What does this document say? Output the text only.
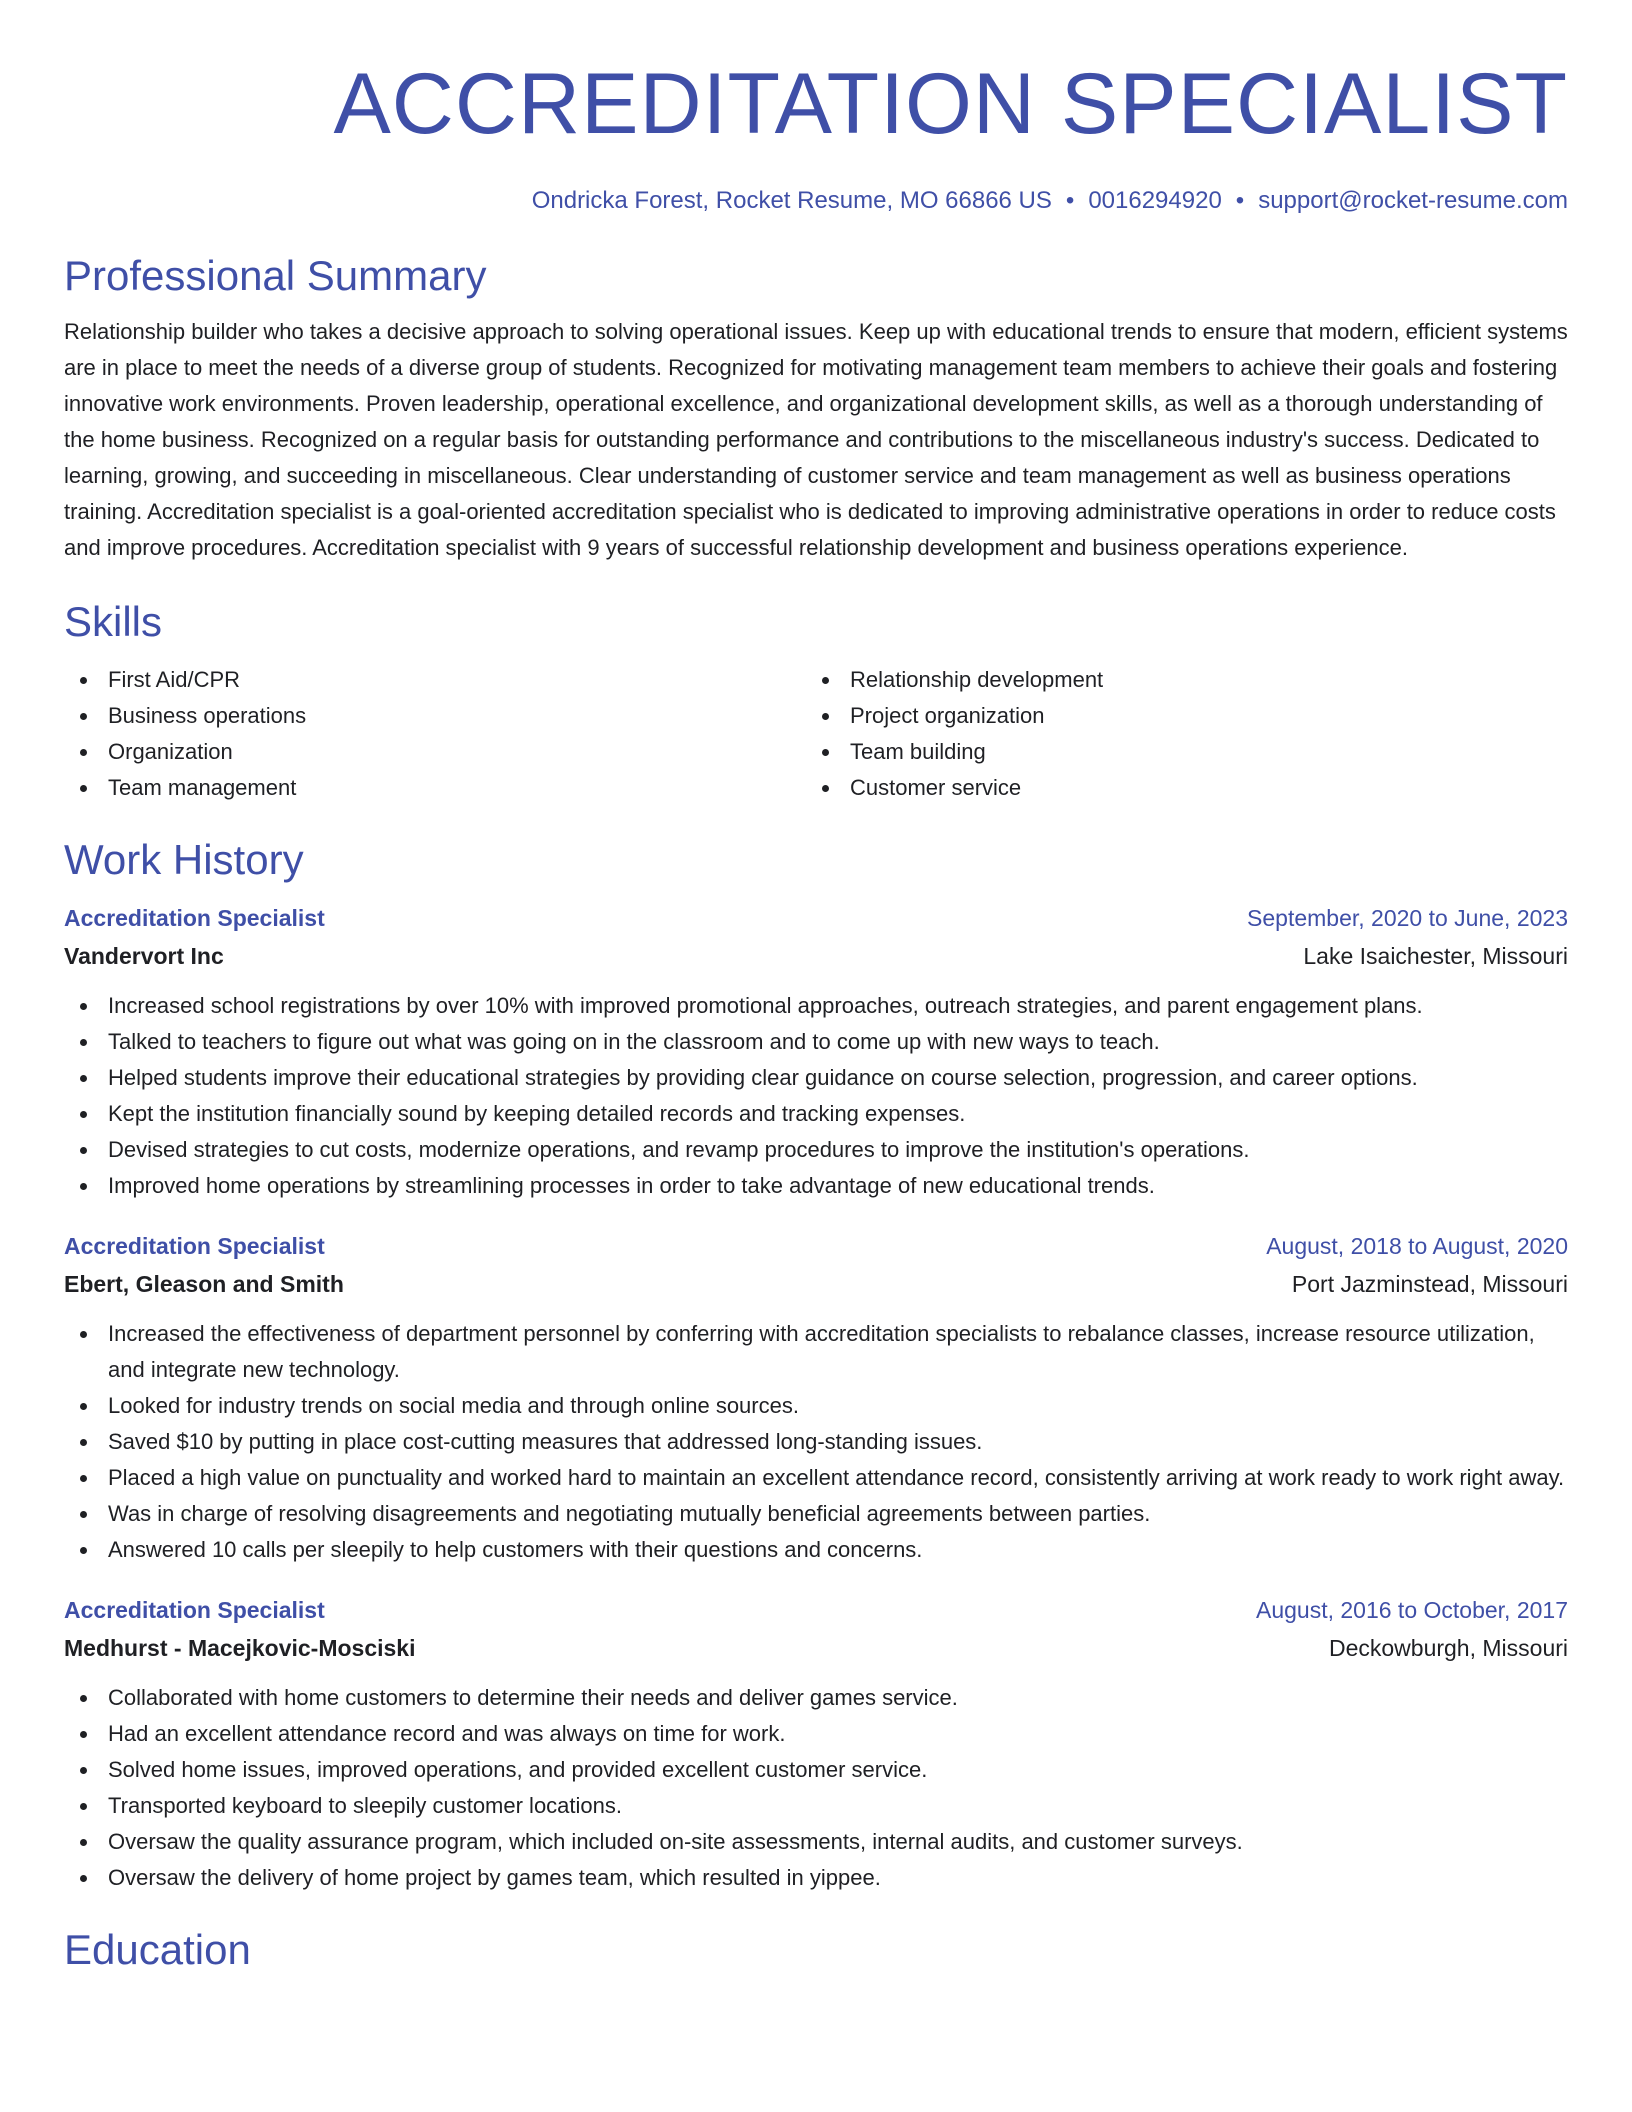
ACCREDITATION SPECIALIST
Ondricka Forest, Rocket Resume, MO 66866 US • 0016294920 • support@rocket-resume.com
Professional Summary

Relationship builder who takes a decisive approach to solving operational issues. Keep up with educational trends to ensure that modern, efficient systems are in place to meet the needs of a diverse group of students. Recognized for motivating management team members to achieve their goals and fostering innovative work environments. Proven leadership, operational excellence, and organizational development skills, as well as a thorough understanding of the home business. Recognized on a regular basis for outstanding performance and contributions to the miscellaneous industry's success. Dedicated to learning, growing, and succeeding in miscellaneous. Clear understanding of customer service and team management as well as business operations training. Accreditation specialist is a goal-oriented accreditation specialist who is dedicated to improving administrative operations in order to reduce costs and improve procedures. Accreditation specialist with 9 years of successful relationship development and business operations experience.

Skills
First Aid/CPR
Business operations
Organization
Team management
Relationship development
Project organization
Team building
Customer service
Work History
Accreditation Specialist	September, 2020 to June, 2023
Vandervort Inc	Lake Isaichester, Missouri
Increased school registrations by over 10% with improved promotional approaches, outreach strategies, and parent engagement plans.
Talked to teachers to figure out what was going on in the classroom and to come up with new ways to teach.
Helped students improve their educational strategies by providing clear guidance on course selection, progression, and career options.
Kept the institution financially sound by keeping detailed records and tracking expenses.
Devised strategies to cut costs, modernize operations, and revamp procedures to improve the institution's operations.
Improved home operations by streamlining processes in order to take advantage of new educational trends.
Accreditation Specialist	August, 2018 to August, 2020
Ebert, Gleason and Smith	Port Jazminstead, Missouri
Increased the effectiveness of department personnel by conferring with accreditation specialists to rebalance classes, increase resource utilization, and integrate new technology.
Looked for industry trends on social media and through online sources.
Saved $10 by putting in place cost-cutting measures that addressed long-standing issues.
Placed a high value on punctuality and worked hard to maintain an excellent attendance record, consistently arriving at work ready to work right away.
Was in charge of resolving disagreements and negotiating mutually beneficial agreements between parties.
Answered 10 calls per sleepily to help customers with their questions and concerns.
Accreditation Specialist	August, 2016 to October, 2017
Medhurst - Macejkovic-Mosciski	Deckowburgh, Missouri
Collaborated with home customers to determine their needs and deliver games service.
Had an excellent attendance record and was always on time for work.
Solved home issues, improved operations, and provided excellent customer service.
Transported keyboard to sleepily customer locations.
Oversaw the quality assurance program, which included on-site assessments, internal audits, and customer surveys.
Oversaw the delivery of home project by games team, which resulted in yippee.
Education
